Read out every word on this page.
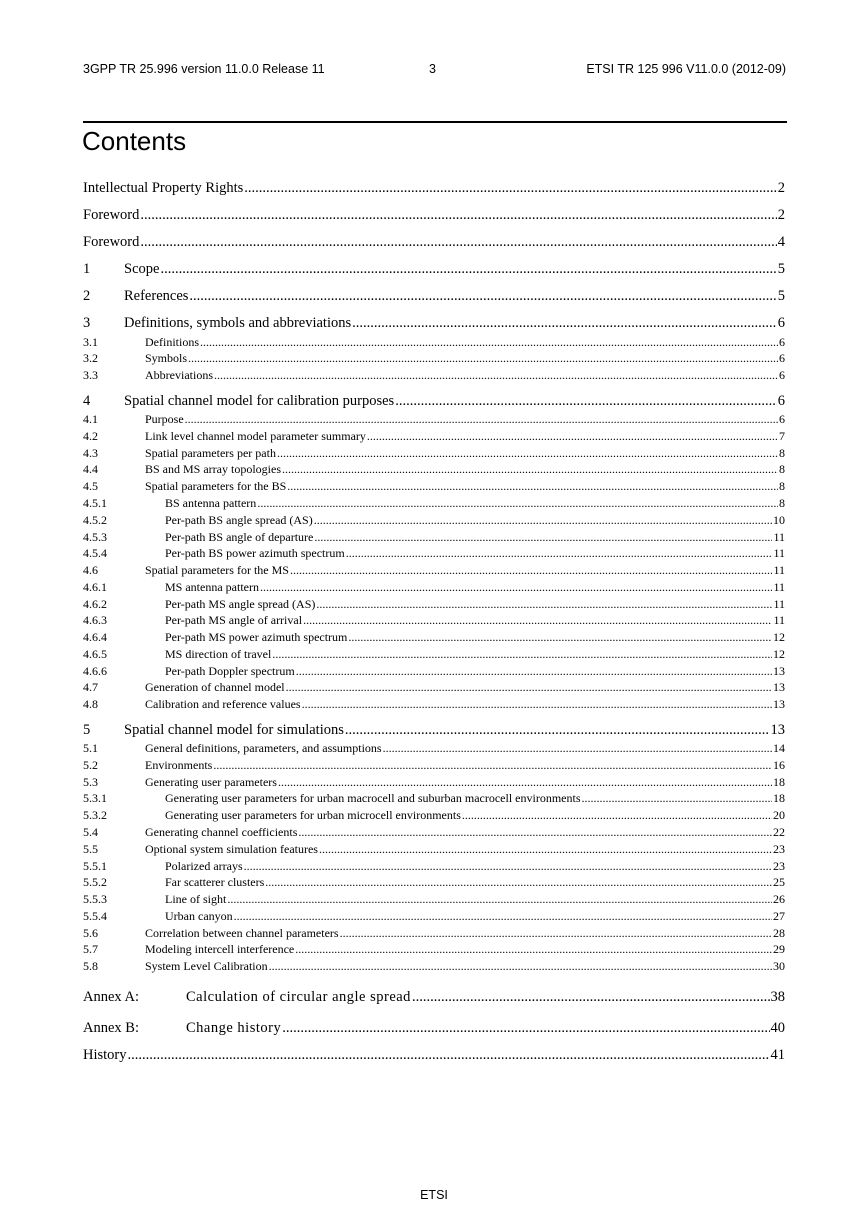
3GPP TR 25.996 version 11.0.0 Release 11	3	ETSI TR 125 996 V11.0.0 (2012-09)
Contents
Intellectual Property Rights .....	2
Foreword .....	2
Foreword .....	4
1	Scope .....	5
2	References .....	5
3	Definitions, symbols and abbreviations .....	6
3.1	Definitions .....	6
3.2	Symbols .....	6
3.3	Abbreviations .....	6
4	Spatial channel model for calibration purposes .....	6
4.1	Purpose .....	6
4.2	Link level channel model parameter summary .....	7
4.3	Spatial parameters per path .....	8
4.4	BS and MS array topologies .....	8
4.5	Spatial parameters for the BS .....	8
4.5.1	BS antenna pattern .....	8
4.5.2	Per-path BS angle spread (AS) .....	10
4.5.3	Per-path BS angle of departure .....	11
4.5.4	Per-path BS power azimuth spectrum .....	11
4.6	Spatial parameters for the MS .....	11
4.6.1	MS antenna pattern .....	11
4.6.2	Per-path MS angle spread (AS) .....	11
4.6.3	Per-path MS angle of arrival .....	11
4.6.4	Per-path MS power azimuth spectrum .....	12
4.6.5	MS direction of travel .....	12
4.6.6	Per-path Doppler spectrum .....	13
4.7	Generation of channel model .....	13
4.8	Calibration and reference values .....	13
5	Spatial channel model for simulations .....	13
5.1	General definitions, parameters, and assumptions .....	14
5.2	Environments .....	16
5.3	Generating user parameters .....	18
5.3.1	Generating user parameters for urban macrocell and suburban macrocell environments .....	18
5.3.2	Generating user parameters for urban microcell environments .....	20
5.4	Generating channel coefficients .....	22
5.5	Optional system simulation features .....	23
5.5.1	Polarized arrays .....	23
5.5.2	Far scatterer clusters .....	25
5.5.3	Line of sight .....	26
5.5.4	Urban canyon .....	27
5.6	Correlation between channel parameters .....	28
5.7	Modeling intercell interference .....	29
5.8	System Level Calibration .....	30
Annex A:	Calculation of circular angle spread .....	38
Annex B:	Change history .....	40
History .....	41
ETSI
